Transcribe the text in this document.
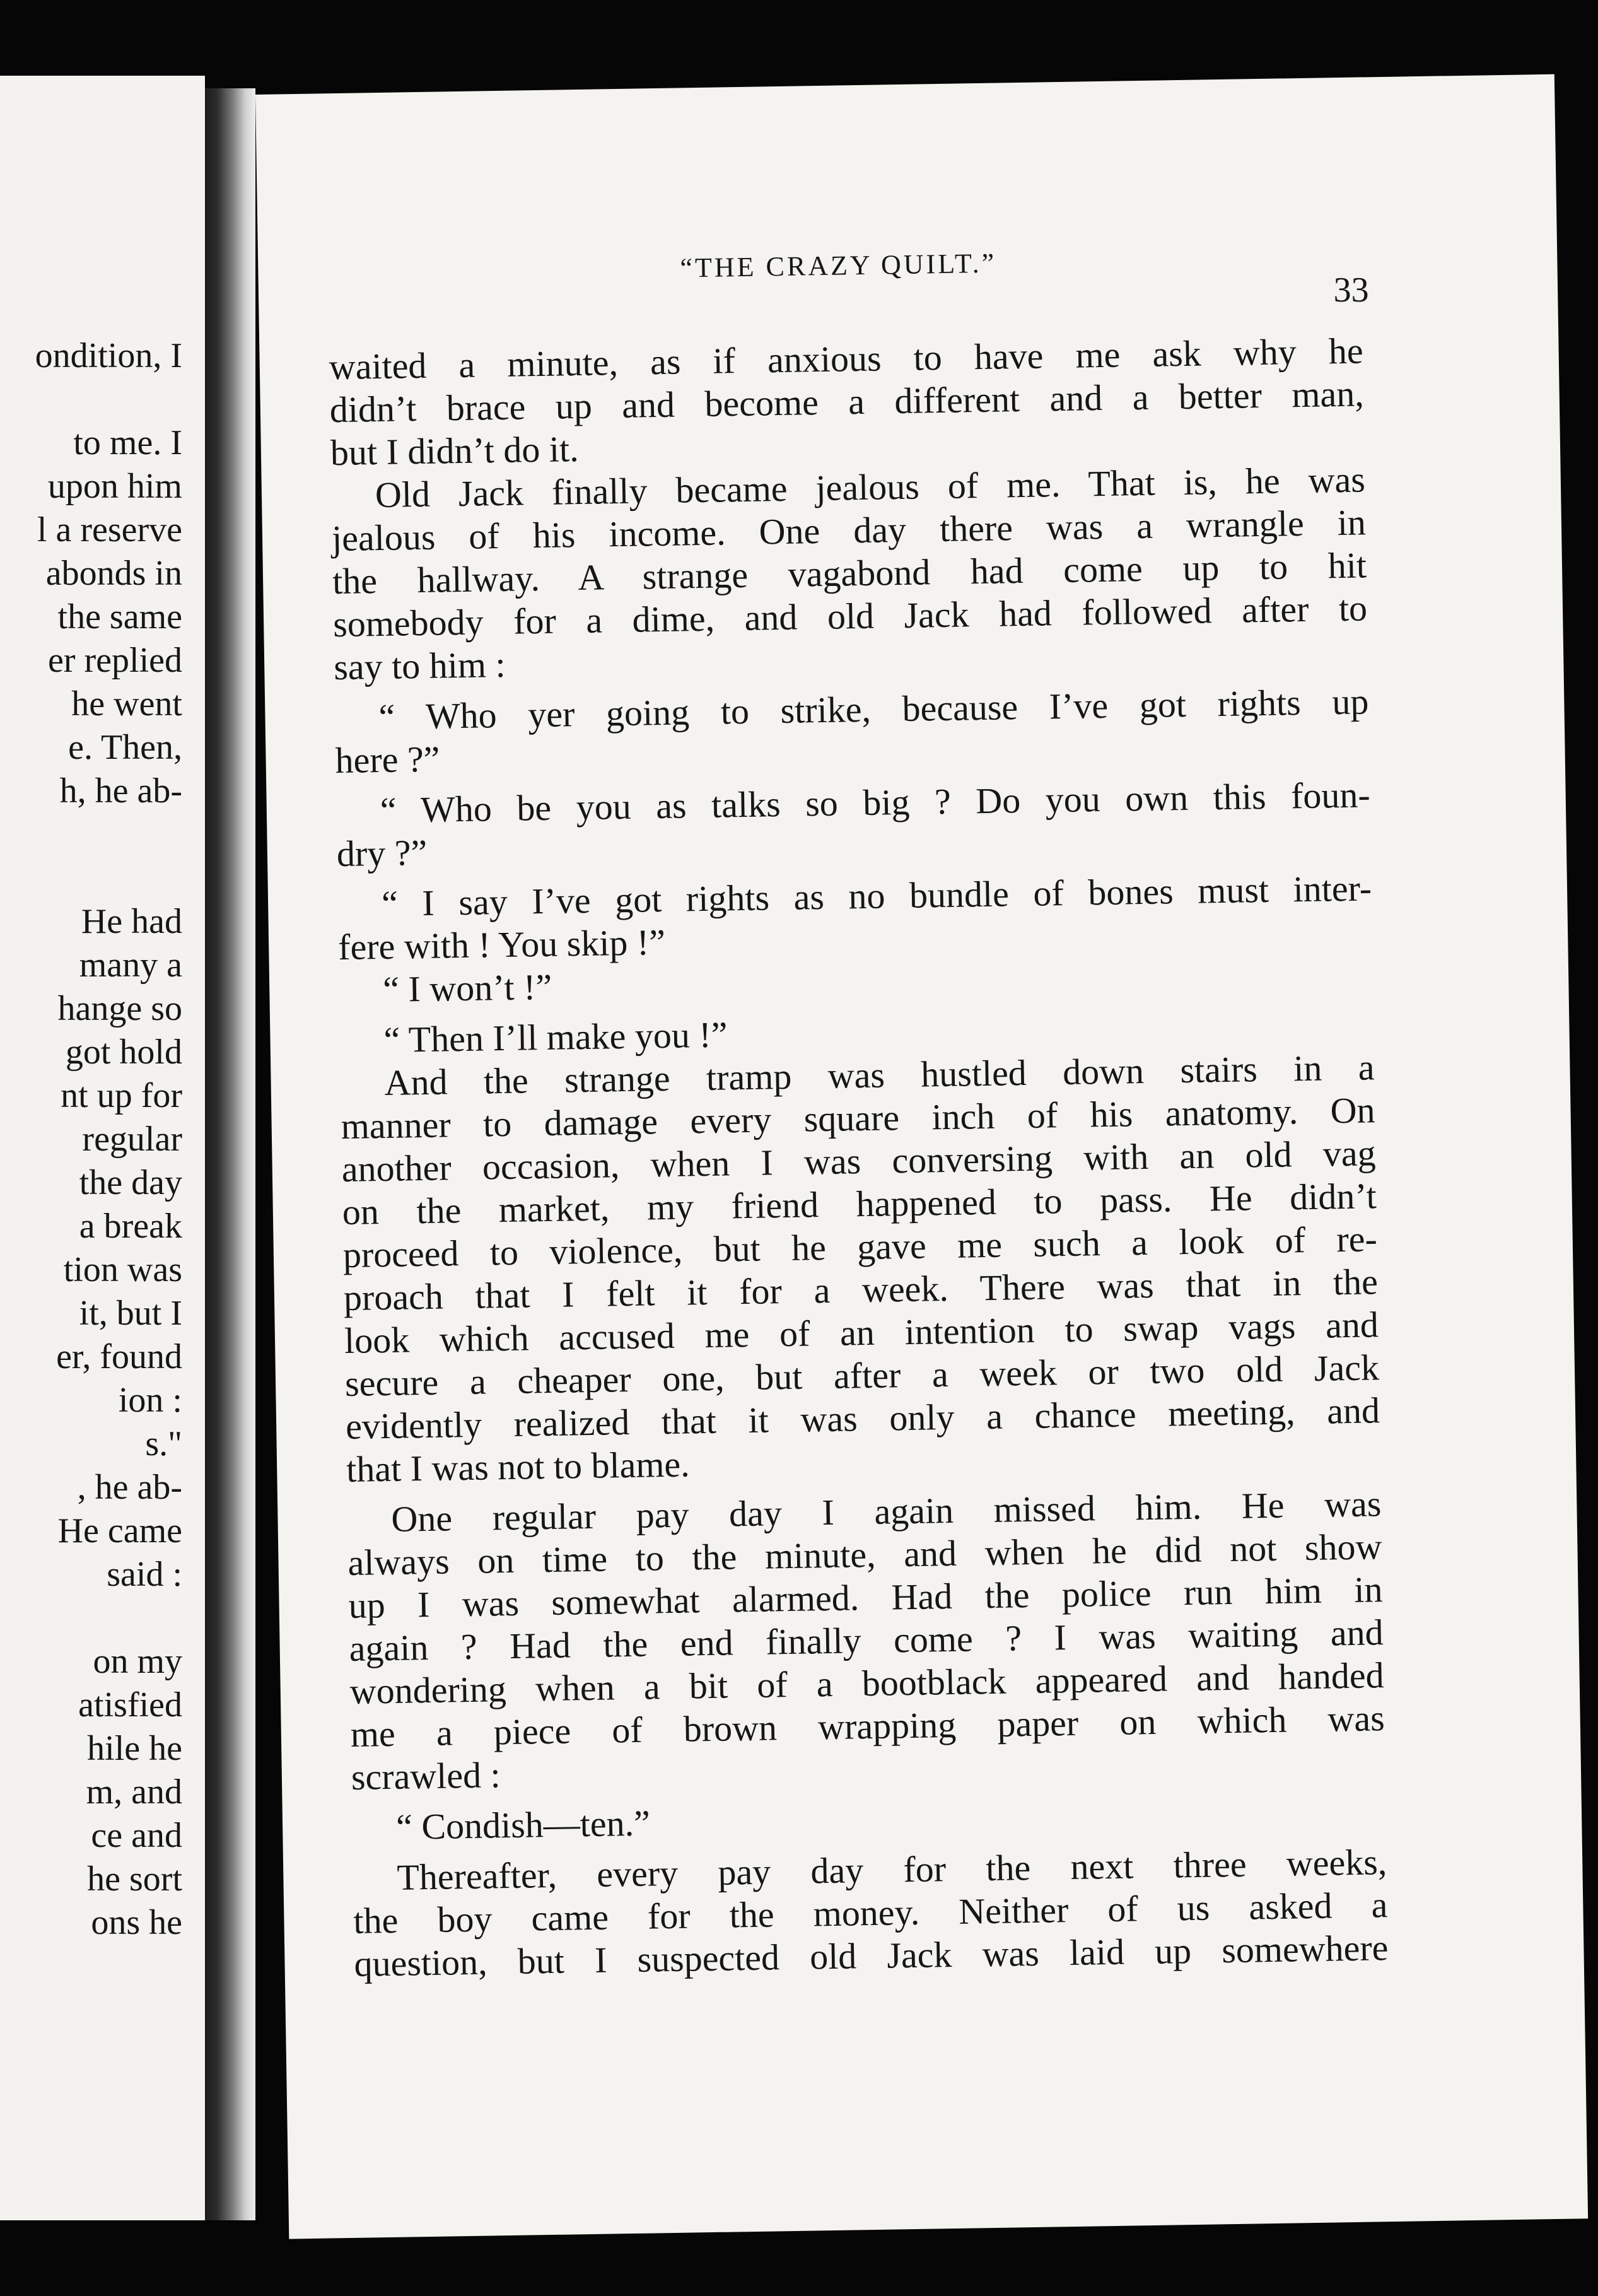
ondition, I
to me. I
upon him
l a reserve
abonds in
the same
er replied
he went
e. Then,
h, he ab-
He had
many a
hange so
got hold
nt up for
regular
the day
a break
tion was
it, but I
er, found
ion :
s."
, he ab-
He came
said :
on my
atisfied
hile he
m, and
ce and
he sort
ons he
“THE CRAZY QUILT.”
33
waited a minute, as if anxious to have me ask why he
didn’t brace up and become a different and a better man,
but I didn’t do it.
Old Jack finally became jealous of me. That is, he was
jealous of his income. One day there was a wrangle in
the hallway. A strange vagabond had come up to hit
somebody for a dime, and old Jack had followed after to
say to him :
“ Who yer going to strike, because I’ve got rights up
here ?”
“ Who be you as talks so big ? Do you own this foun-
dry ?”
“ I say I’ve got rights as no bundle of bones must inter-
fere with ! You skip !”
“ I won’t !”
“ Then I’ll make you !”
And the strange tramp was hustled down stairs in a
manner to damage every square inch of his anatomy. On
another occasion, when I was conversing with an old vag
on the market, my friend happened to pass. He didn’t
proceed to violence, but he gave me such a look of re-
proach that I felt it for a week. There was that in the
look which accused me of an intention to swap vags and
secure a cheaper one, but after a week or two old Jack
evidently realized that it was only a chance meeting, and
that I was not to blame.
One regular pay day I again missed him. He was
always on time to the minute, and when he did not show
up I was somewhat alarmed. Had the police run him in
again ? Had the end finally come ? I was waiting and
wondering when a bit of a bootblack appeared and handed
me a piece of brown wrapping paper on which was
scrawled :
“ Condish—ten.”
Thereafter, every pay day for the next three weeks,
the boy came for the money. Neither of us asked a
question, but I suspected old Jack was laid up somewhere
